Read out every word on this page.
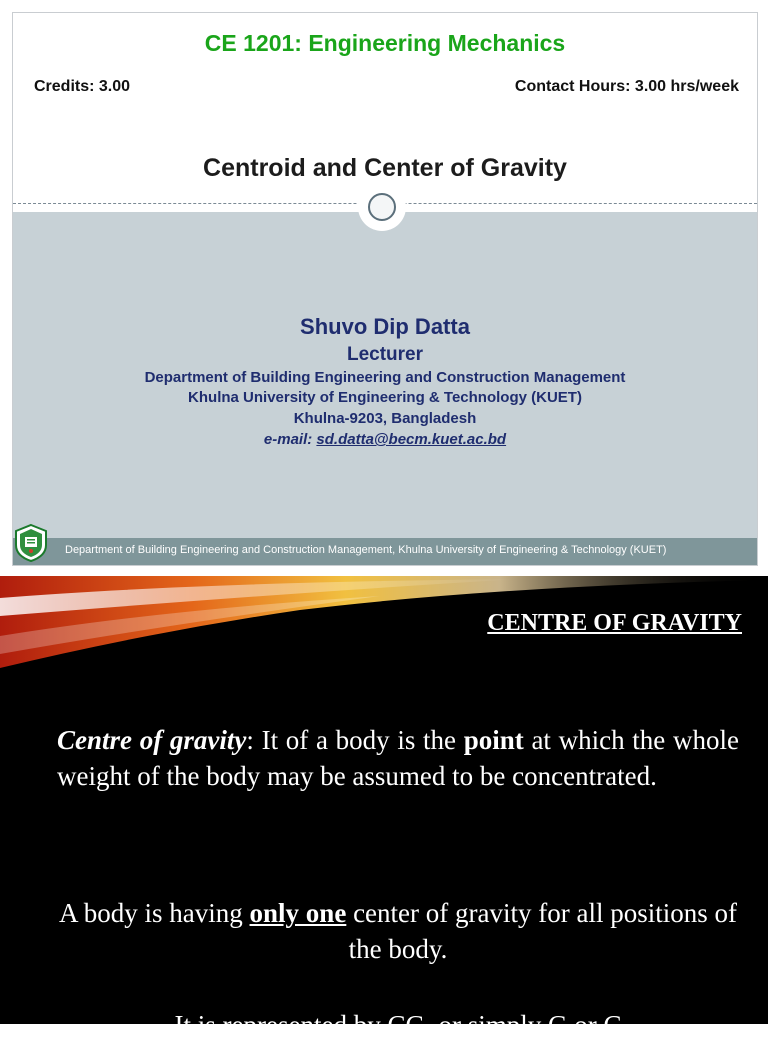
CE 1201: Engineering Mechanics
Credits: 3.00	Contact Hours: 3.00 hrs/week
Centroid and Center of Gravity
Shuvo Dip Datta
Lecturer
Department of Building Engineering and Construction Management
Khulna University of Engineering & Technology (KUET)
Khulna-9203, Bangladesh
e-mail: sd.datta@becm.kuet.ac.bd
Department of Building Engineering and Construction Management, Khulna University of Engineering & Technology (KUET)
CENTRE OF GRAVITY
Centre of gravity: It of a body is the point at which the whole weight of the body may be assumed to be concentrated.
A body is having only one center of gravity for all positions of the body.
It is represented by CG. or simply G or C
